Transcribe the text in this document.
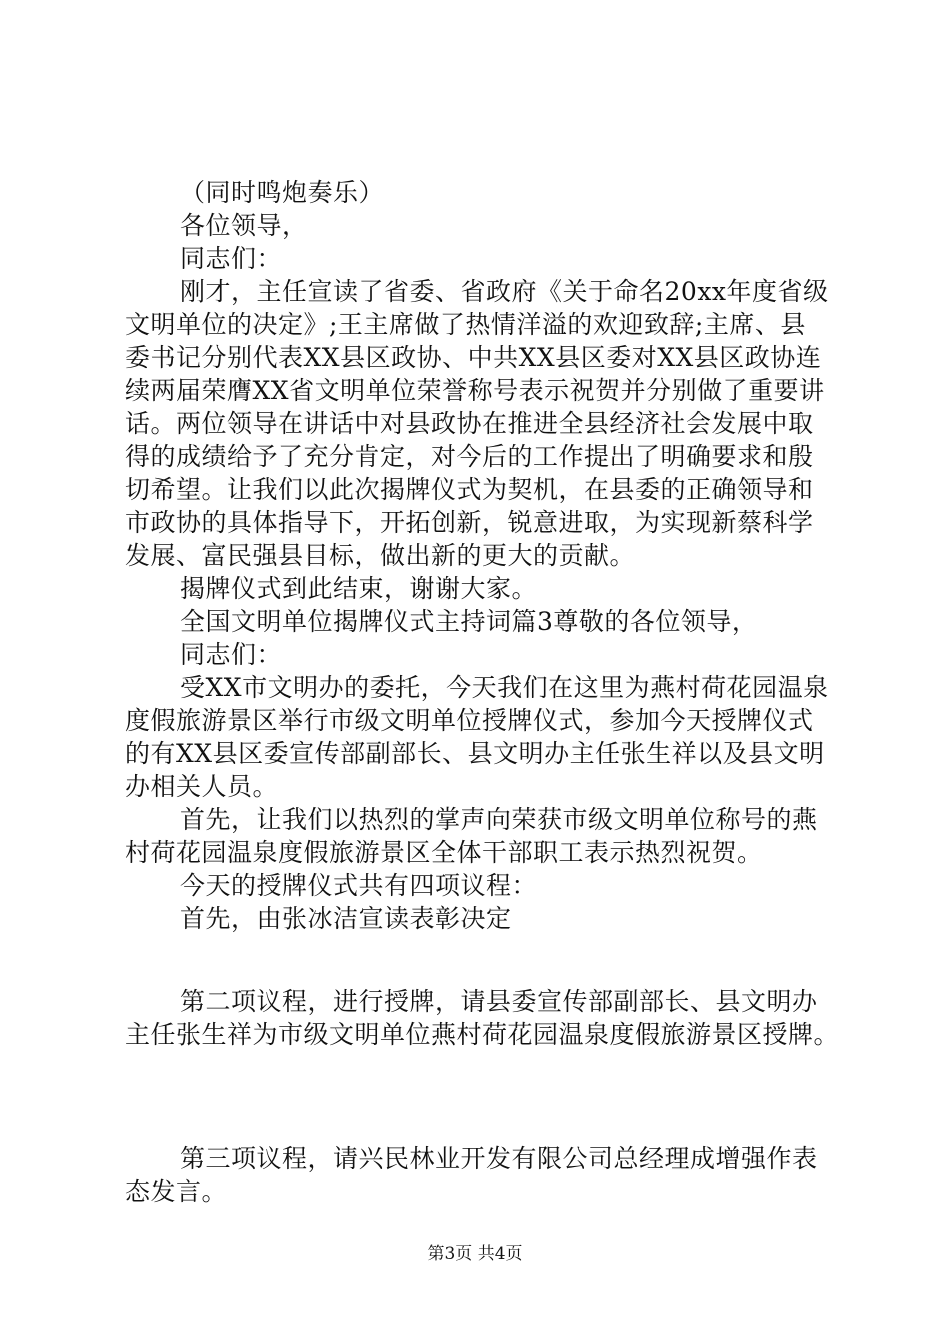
（同时鸣炮奏乐）
各位领导，
同志们：
刚才，主任宣读了省委、省政府《关于命名20xx年度省级
文明单位的决定》;王主席做了热情洋溢的欢迎致辞;主席、县
委书记分别代表XX县区政协、中共XX县区委对XX县区政协连
续两届荣膺XX省文明单位荣誉称号表示祝贺并分别做了重要讲
话。两位领导在讲话中对县政协在推进全县经济社会发展中取
得的成绩给予了充分肯定，对今后的工作提出了明确要求和殷
切希望。让我们以此次揭牌仪式为契机，在县委的正确领导和
市政协的具体指导下，开拓创新，锐意进取，为实现新蔡科学
发展、富民强县目标，做出新的更大的贡献。
揭牌仪式到此结束，谢谢大家。
全国文明单位揭牌仪式主持词篇3尊敬的各位领导，
同志们：
受XX市文明办的委托，今天我们在这里为燕村荷花园温泉
度假旅游景区举行市级文明单位授牌仪式，参加今天授牌仪式
的有XX县区委宣传部副部长、县文明办主任张生祥以及县文明
办相关人员。
首先，让我们以热烈的掌声向荣获市级文明单位称号的燕
村荷花园温泉度假旅游景区全体干部职工表示热烈祝贺。
今天的授牌仪式共有四项议程：
首先，由张冰洁宣读表彰决定
第二项议程，进行授牌，请县委宣传部副部长、县文明办
主任张生祥为市级文明单位燕村荷花园温泉度假旅游景区授牌。
第三项议程，请兴民林业开发有限公司总经理成增强作表
态发言。
第3页 共4页
